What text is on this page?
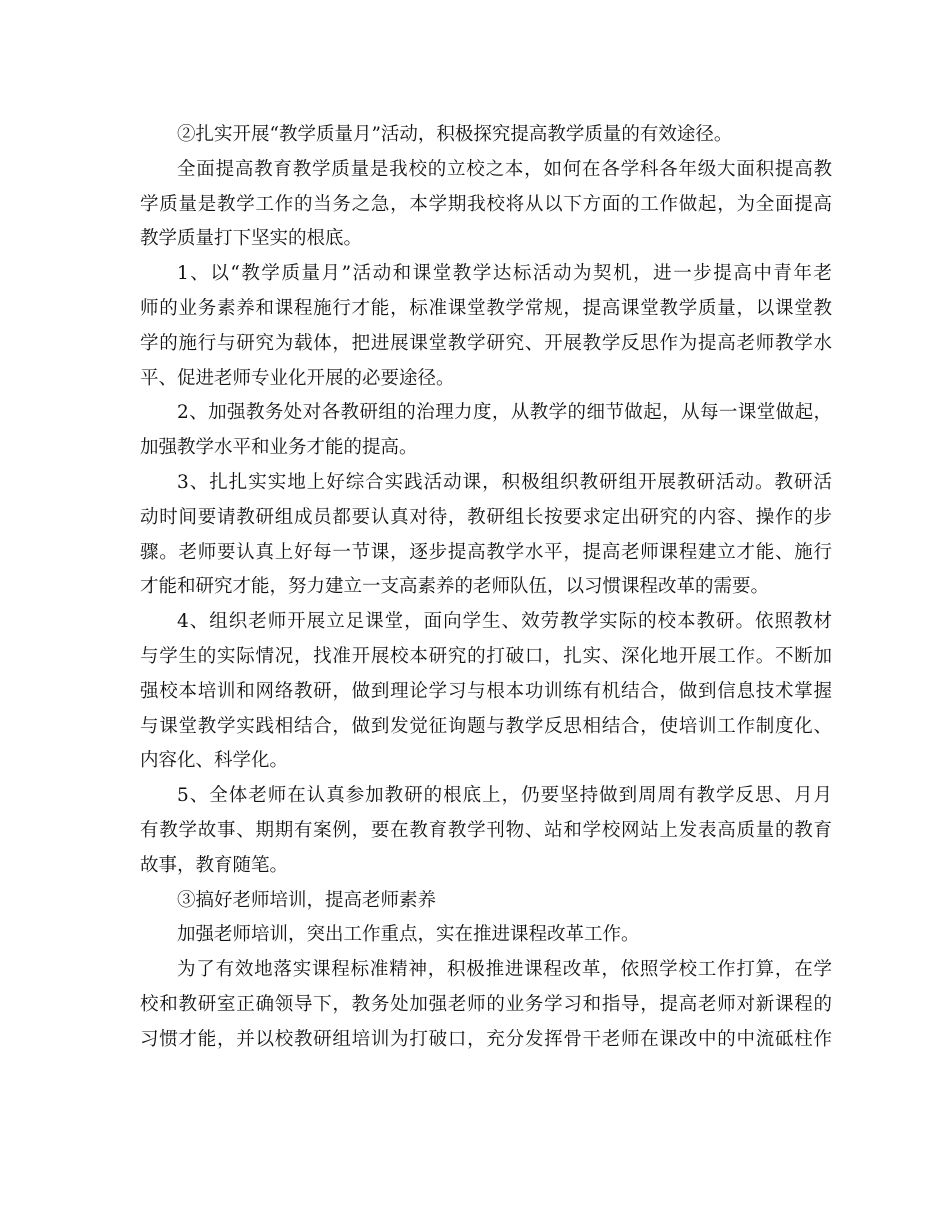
②扎实开展“教学质量月”活动，积极探究提高教学质量的有效途径。
全面提高教育教学质量是我校的立校之本，如何在各学科各年级大面积提高教
学质量是教学工作的当务之急，本学期我校将从以下方面的工作做起，为全面提高
教学质量打下坚实的根底。
1、以“教学质量月”活动和课堂教学达标活动为契机，进一步提高中青年老
师的业务素养和课程施行才能，标准课堂教学常规，提高课堂教学质量，以课堂教
学的施行与研究为载体，把进展课堂教学研究、开展教学反思作为提高老师教学水
平、促进老师专业化开展的必要途径。
2、加强教务处对各教研组的治理力度，从教学的细节做起，从每一课堂做起，
加强教学水平和业务才能的提高。
3、扎扎实实地上好综合实践活动课，积极组织教研组开展教研活动。教研活
动时间要请教研组成员都要认真对待，教研组长按要求定出研究的内容、操作的步
骤。老师要认真上好每一节课，逐步提高教学水平，提高老师课程建立才能、施行
才能和研究才能，努力建立一支高素养的老师队伍，以习惯课程改革的需要。
4、组织老师开展立足课堂，面向学生、效劳教学实际的校本教研。依照教材
与学生的实际情况，找准开展校本研究的打破口，扎实、深化地开展工作。不断加
强校本培训和网络教研，做到理论学习与根本功训练有机结合，做到信息技术掌握
与课堂教学实践相结合，做到发觉征询题与教学反思相结合，使培训工作制度化、
内容化、科学化。
5、全体老师在认真参加教研的根底上，仍要坚持做到周周有教学反思、月月
有教学故事、期期有案例，要在教育教学刊物、站和学校网站上发表高质量的教育
故事，教育随笔。
③搞好老师培训，提高老师素养
加强老师培训，突出工作重点，实在推进课程改革工作。
为了有效地落实课程标准精神，积极推进课程改革，依照学校工作打算，在学
校和教研室正确领导下，教务处加强老师的业务学习和指导，提高老师对新课程的
习惯才能，并以校教研组培训为打破口，充分发挥骨干老师在课改中的中流砥柱作
